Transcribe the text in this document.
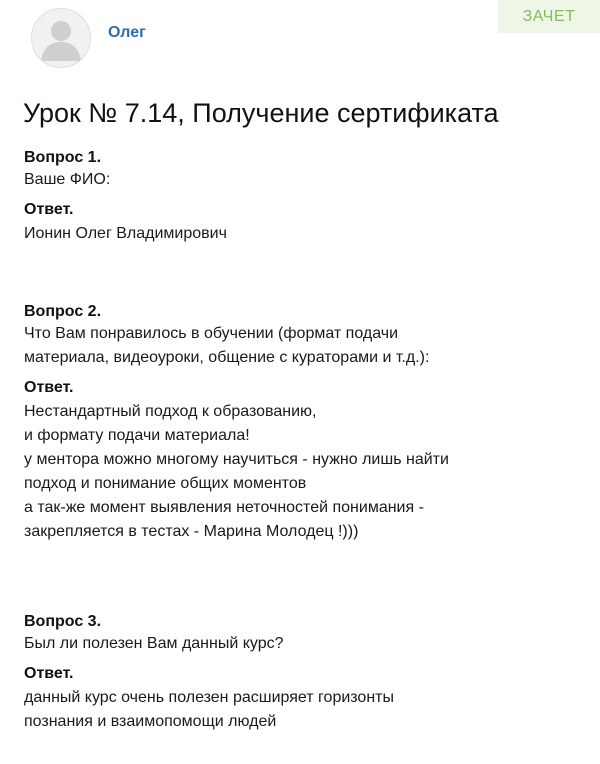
Олег
ЗАЧЕТ
Урок № 7.14, Получение сертификата
Вопрос 1.
Ваше ФИО:
Ответ.
Ионин Олег Владимирович
Вопрос 2.
Что Вам понравилось в обучении (формат подачи
материала, видеоуроки, общение с кураторами и т.д.):
Ответ.
Нестандартный подход к образованию,
и формату подачи материала!
у ментора можно многому научиться - нужно лишь найти
подход и понимание общих моментов
а так-же момент выявления неточностей понимания -
закрепляется в тестах - Марина Молодец !)))
Вопрос 3.
Был ли полезен Вам данный курс?
Ответ.
данный курс очень полезен расширяет горизонты
познания и взаимопомощи людей
